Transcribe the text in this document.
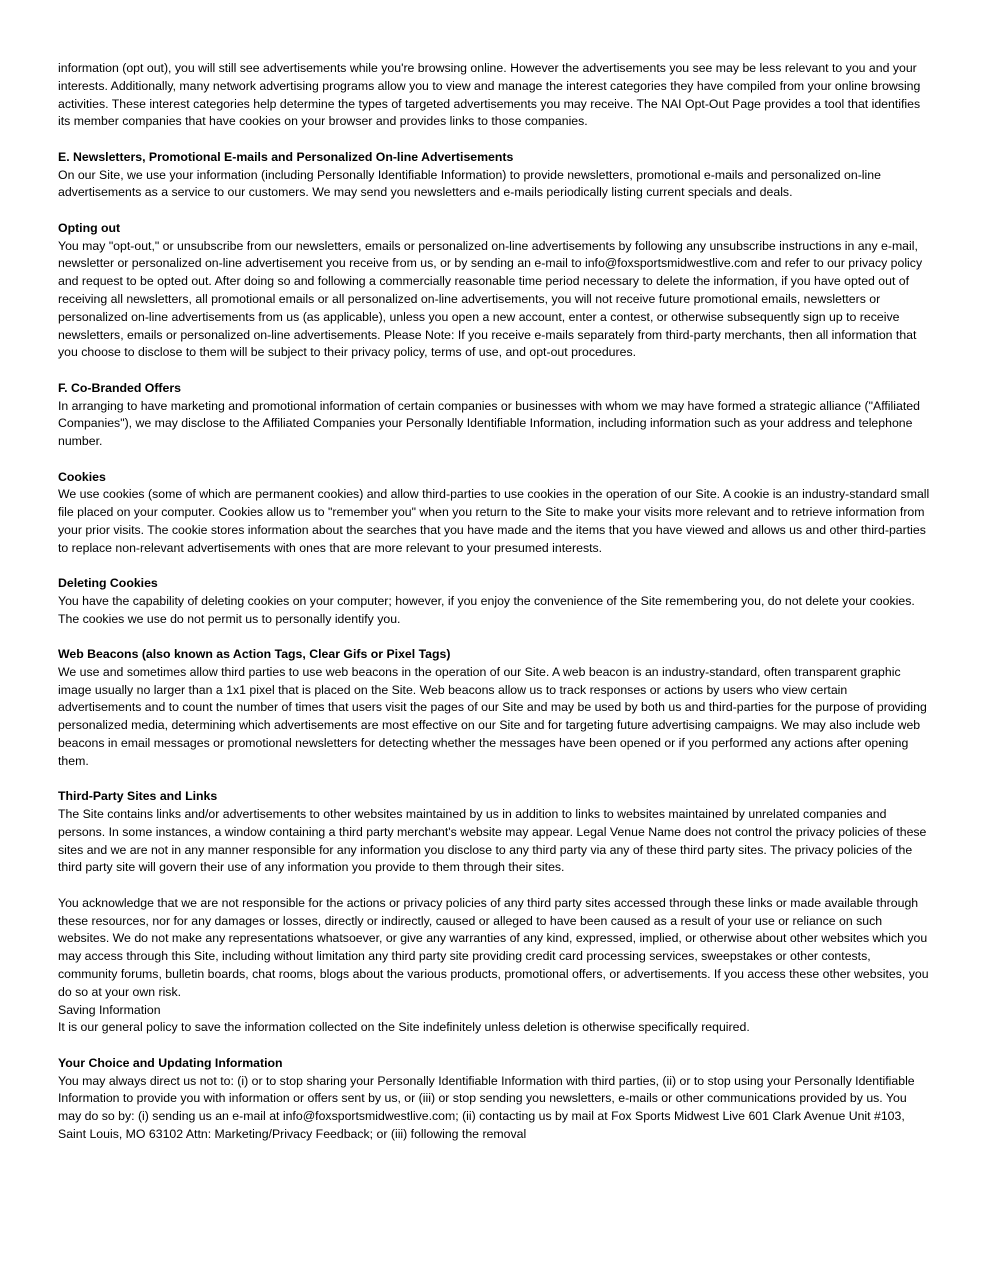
information (opt out), you will still see advertisements while you're browsing online. However the advertisements you see may be less relevant to you and your interests. Additionally, many network advertising programs allow you to view and manage the interest categories they have compiled from your online browsing activities. These interest categories help determine the types of targeted advertisements you may receive. The NAI Opt-Out Page provides a tool that identifies its member companies that have cookies on your browser and provides links to those companies.

E. Newsletters, Promotional E-mails and Personalized On-line Advertisements

On our Site, we use your information (including Personally Identifiable Information) to provide newsletters, promotional e-mails and personalized on-line advertisements as a service to our customers. We may send you newsletters and e-mails periodically listing current specials and deals.

Opting out

You may "opt-out," or unsubscribe from our newsletters, emails or personalized on-line advertisements by following any unsubscribe instructions in any e-mail, newsletter or personalized on-line advertisement you receive from us, or by sending an e-mail to info@foxsportsmidwestlive.com and refer to our privacy policy and request to be opted out. After doing so and following a commercially reasonable time period necessary to delete the information, if you have opted out of receiving all newsletters, all promotional emails or all personalized on-line advertisements, you will not receive future promotional emails, newsletters or personalized on-line advertisements from us (as applicable), unless you open a new account, enter a contest, or otherwise subsequently sign up to receive newsletters, emails or personalized on-line advertisements. Please Note: If you receive e-mails separately from third-party merchants, then all information that you choose to disclose to them will be subject to their privacy policy, terms of use, and opt-out procedures.

F. Co-Branded Offers

In arranging to have marketing and promotional information of certain companies or businesses with whom we may have formed a strategic alliance ("Affiliated Companies"), we may disclose to the Affiliated Companies your Personally Identifiable Information, including information such as your address and telephone number.

Cookies

We use cookies (some of which are permanent cookies) and allow third-parties to use cookies in the operation of our Site. A cookie is an industry-standard small file placed on your computer. Cookies allow us to "remember you" when you return to the Site to make your visits more relevant and to retrieve information from your prior visits. The cookie stores information about the searches that you have made and the items that you have viewed and allows us and other third-parties to replace non-relevant advertisements with ones that are more relevant to your presumed interests.

Deleting Cookies

You have the capability of deleting cookies on your computer; however, if you enjoy the convenience of the Site remembering you, do not delete your cookies. The cookies we use do not permit us to personally identify you.

Web Beacons (also known as Action Tags, Clear Gifs or Pixel Tags)

We use and sometimes allow third parties to use web beacons in the operation of our Site. A web beacon is an industry-standard, often transparent graphic image usually no larger than a 1x1 pixel that is placed on the Site. Web beacons allow us to track responses or actions by users who view certain advertisements and to count the number of times that users visit the pages of our Site and may be used by both us and third-parties for the purpose of providing personalized media, determining which advertisements are most effective on our Site and for targeting future advertising campaigns. We may also include web beacons in email messages or promotional newsletters for detecting whether the messages have been opened or if you performed any actions after opening them.

Third-Party Sites and Links

The Site contains links and/or advertisements to other websites maintained by us in addition to links to websites maintained by unrelated companies and persons. In some instances, a window containing a third party merchant's website may appear. Legal Venue Name does not control the privacy policies of these sites and we are not in any manner responsible for any information you disclose to any third party via any of these third party sites. The privacy policies of the third party site will govern their use of any information you provide to them through their sites.

You acknowledge that we are not responsible for the actions or privacy policies of any third party sites accessed through these links or made available through these resources, nor for any damages or losses, directly or indirectly, caused or alleged to have been caused as a result of your use or reliance on such websites. We do not make any representations whatsoever, or give any warranties of any kind, expressed, implied, or otherwise about other websites which you may access through this Site, including without limitation any third party site providing credit card processing services, sweepstakes or other contests, community forums, bulletin boards, chat rooms, blogs about the various products, promotional offers, or advertisements. If you access these other websites, you do so at your own risk.

Saving Information

It is our general policy to save the information collected on the Site indefinitely unless deletion is otherwise specifically required.

Your Choice and Updating Information

You may always direct us not to: (i) or to stop sharing your Personally Identifiable Information with third parties, (ii) or to stop using your Personally Identifiable Information to provide you with information or offers sent by us, or (iii) or stop sending you newsletters, e-mails or other communications provided by us. You may do so by: (i) sending us an e-mail at info@foxsportsmidwestlive.com; (ii) contacting us by mail at Fox Sports Midwest Live 601 Clark Avenue Unit #103, Saint Louis, MO 63102 Attn: Marketing/Privacy Feedback; or (iii) following the removal
